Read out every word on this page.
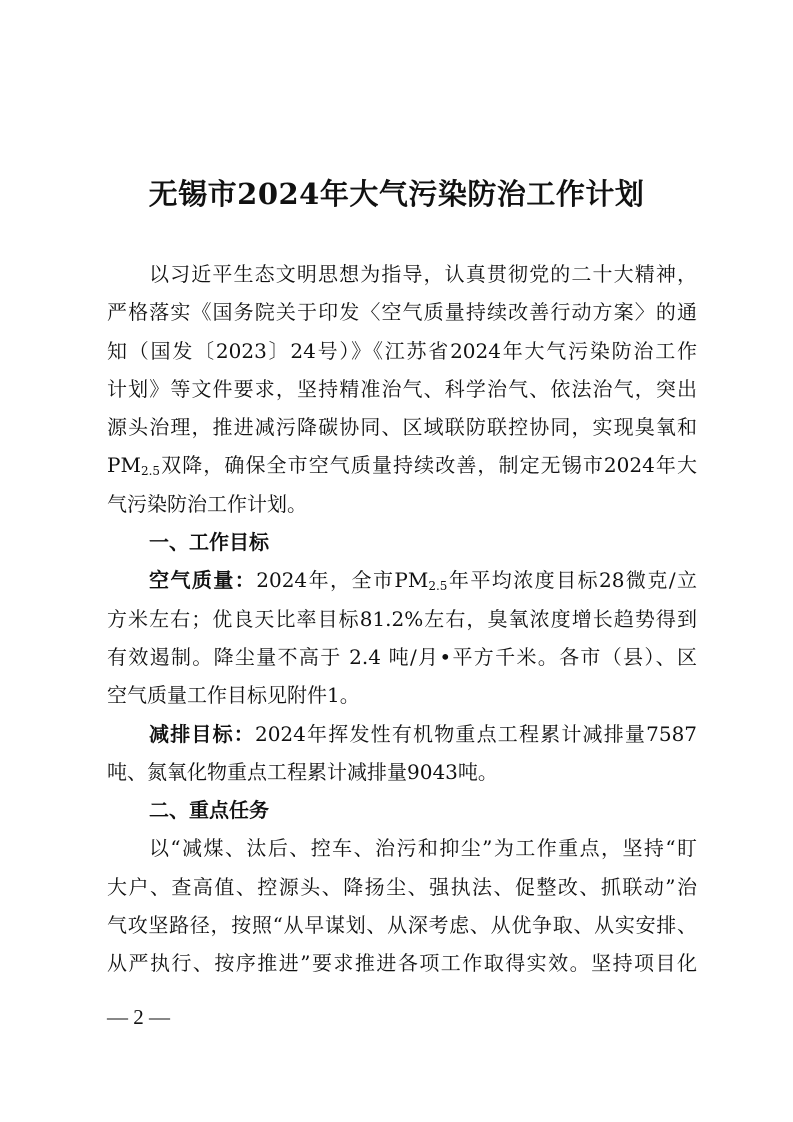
无锡市2024年大气污染防治工作计划
以习近平生态文明思想为指导，认真贯彻党的二十大精神，
严格落实《国务院关于印发〈空气质量持续改善行动方案〉的通
知（国发〔2023〕24号）》《江苏省2024年大气污染防治工作
计划》等文件要求，坚持精准治气、科学治气、依法治气，突出
源头治理，推进减污降碳协同、区域联防联控协同，实现臭氧和
$PM_{2.5}$双降，确保全市空气质量持续改善，制定无锡市2024年大
气污染防治工作计划。
一、工作目标
空气质量：2024年，全市$PM_{2.5}$年平均浓度目标28微克/立
方米左右；优良天比率目标81.2%左右，臭氧浓度增长趋势得到
有效遏制。降尘量不高于 2.4 吨/月•平方千米。各市（县）、区
空气质量工作目标见附件1。
减排目标：2024年挥发性有机物重点工程累计减排量7587
吨、氮氧化物重点工程累计减排量9043吨。
二、重点任务
以“减煤、汰后、控车、治污和抑尘”为工作重点，坚持“盯
大户、查高值、控源头、降扬尘、强执法、促整改、抓联动”治
气攻坚路径，按照“从早谋划、从深考虑、从优争取、从实安排、
从严执行、按序推进”要求推进各项工作取得实效。坚持项目化
— 2 —
